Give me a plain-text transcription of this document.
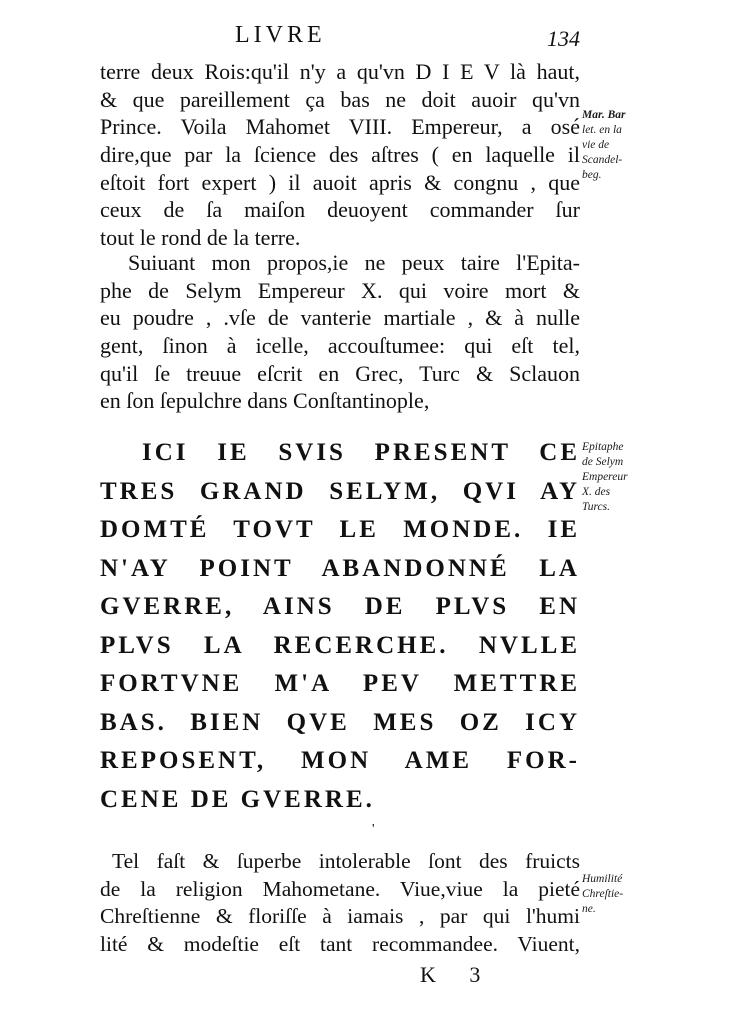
LIVRE	134
terre deux Rois:qu'il n'y a qu'vn D I E V là haut,
& que pareillement ça bas ne doit auoir qu'vn
Prince. Voila Mahomet VIII. Empereur, a osé
dire,que par la ſcience des aſtres ( en laquelle il
eſtoit fort expert ) il auoit apris & congnu , que
ceux de ſa maiſon deuoyent commander ſur
tout le rond de la terre.
Suiuant mon propos,ie ne peux taire l'Epita-
phe de Selym Empereur X. qui voire mort &
eu poudre , .vſe de vanterie martiale , & à nulle
gent, ſinon à icelle, accouſtumee: qui eſt tel,
qu'il ſe treuue eſcrit en Grec, Turc & Sclauon
en ſon ſepulchre dans Conſtantinople,
ICI IE SVIS PRESENT CE
TRES GRAND SELYM, QVI AY
DOMTÉ TOVT LE MONDE. IE
N'AY POINT ABANDONNÉ LA
GVERRE, AINS DE PLVS EN
PLVS LA RECERCHE. NVLLE
FORTVNE M'A PEV METTRE
BAS. BIEN QVE MES OZ ICY
REPOSENT, MON AME FOR-
CENE DE GVERRE.
'
Tel faſt & ſuperbe intolerable ſont des fruicts
de la religion Mahometane. Viue,viue la pieté
Chreſtienne & floriſſe à iamais , par qui l'humi
lité & modeſtie eſt tant recommandee. Viuent,
Mar. Bar
let. en la
vie de
Scandel-
beg.
Epitaphe
de Selym
Empereur
X. des
Turcs.
Humilité
Chreſtie-
ne.
K 3
